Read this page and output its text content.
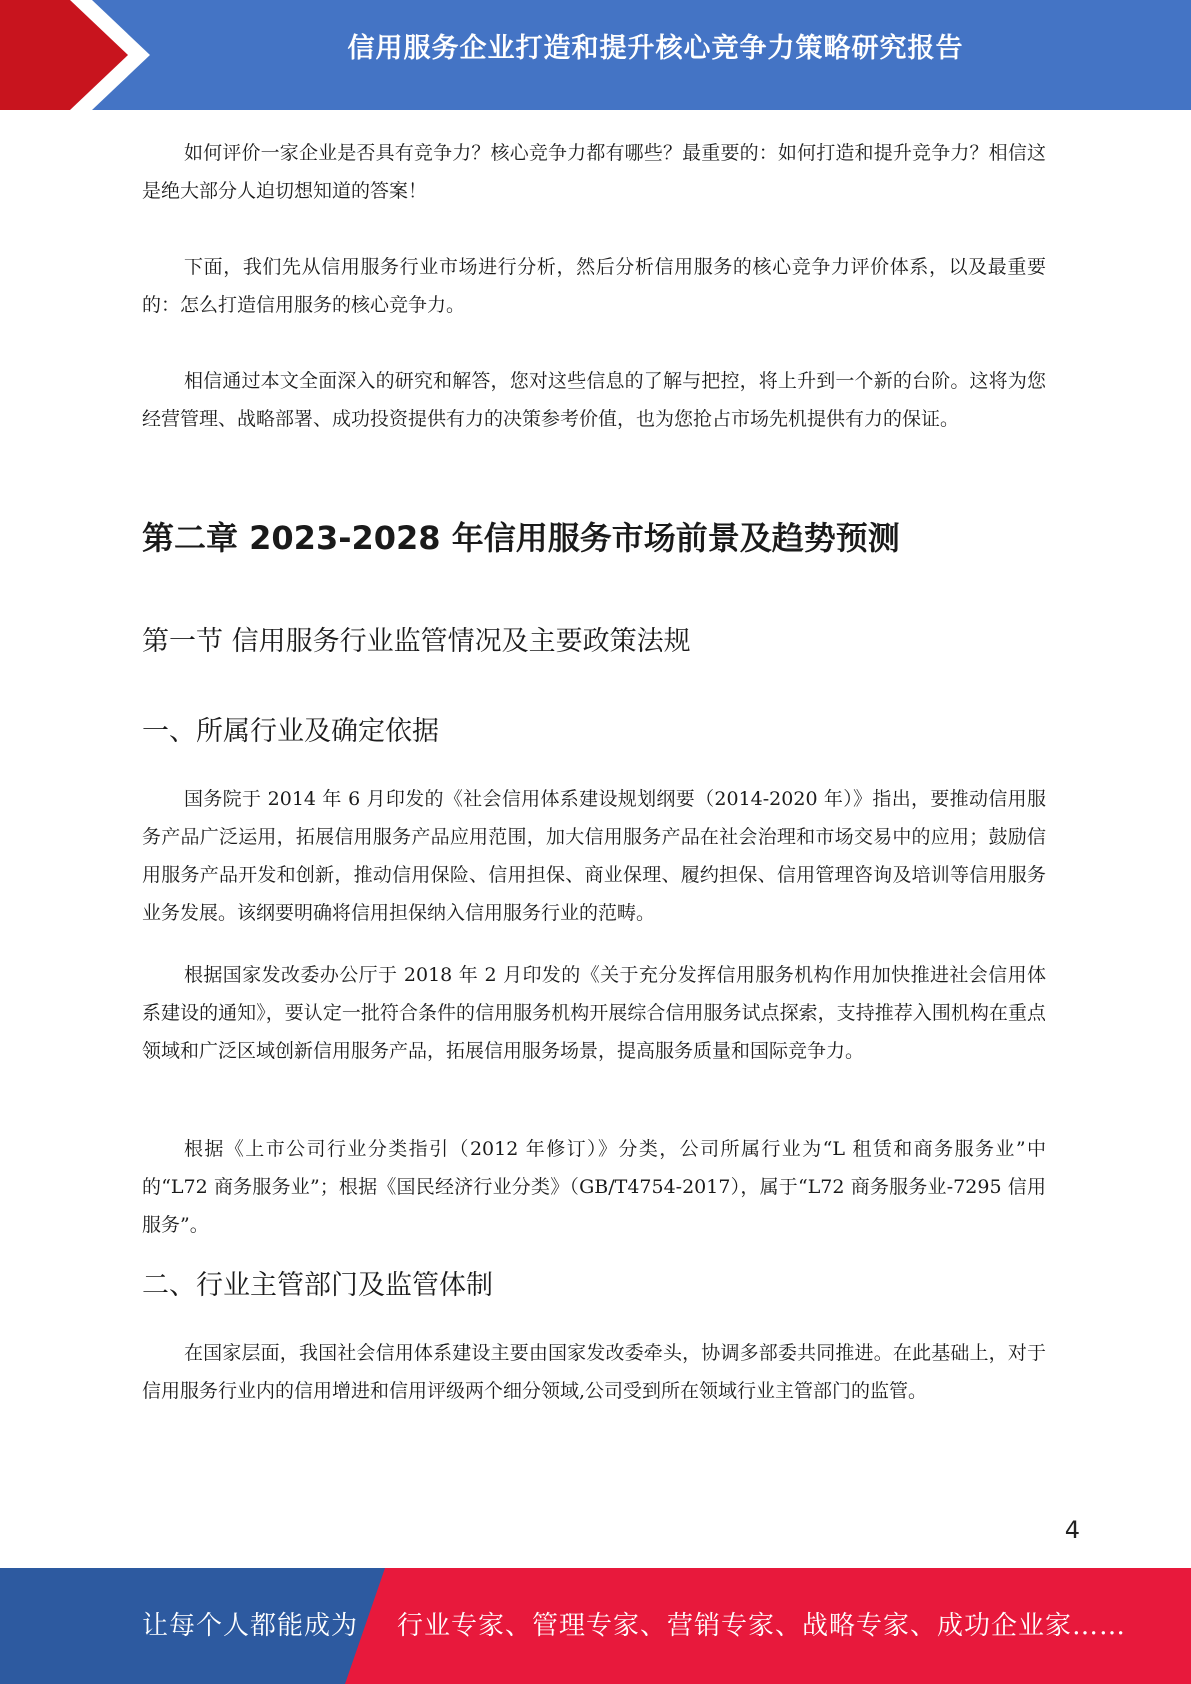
信用服务企业打造和提升核心竞争力策略研究报告

如何评价一家企业是否具有竞争力？核心竞争力都有哪些？最重要的：如何打造和提升竞争力？相信这是绝大部分人迫切想知道的答案！

下面，我们先从信用服务行业市场进行分析，然后分析信用服务的核心竞争力评价体系，以及最重要的：怎么打造信用服务的核心竞争力。

相信通过本文全面深入的研究和解答，您对这些信息的了解与把控，将上升到一个新的台阶。这将为您经营管理、战略部署、成功投资提供有力的决策参考价值，也为您抢占市场先机提供有力的保证。

第二章 2023-2028 年信用服务市场前景及趋势预测
第一节 信用服务行业监管情况及主要政策法规
一、所属行业及确定依据

国务院于 2014 年 6 月印发的《社会信用体系建设规划纲要（2014-2020 年）》指出，要推动信用服务产品广泛运用，拓展信用服务产品应用范围，加大信用服务产品在社会治理和市场交易中的应用；鼓励信用服务产品开发和创新，推动信用保险、信用担保、商业保理、履约担保、信用管理咨询及培训等信用服务业务发展。该纲要明确将信用担保纳入信用服务行业的范畴。

根据国家发改委办公厅于 2018 年 2 月印发的《关于充分发挥信用服务机构作用加快推进社会信用体系建设的通知》，要认定一批符合条件的信用服务机构开展综合信用服务试点探索，支持推荐入围机构在重点领域和广泛区域创新信用服务产品，拓展信用服务场景，提高服务质量和国际竞争力。

根据《上市公司行业分类指引（2012 年修订）》分类，公司所属行业为“L 租赁和商务服务业”中的“L72 商务服务业”；根据《国民经济行业分类》（GB/T4754-2017），属于“L72 商务服务业-7295 信用服务”。

二、行业主管部门及监管体制

在国家层面，我国社会信用体系建设主要由国家发改委牵头，协调多部委共同推进。在此基础上，对于信用服务行业内的信用增进和信用评级两个细分领域,公司受到所在领域行业主管部门的监管。

4
让每个人都能成为 行业专家、管理专家、营销专家、战略专家、成功企业家……
